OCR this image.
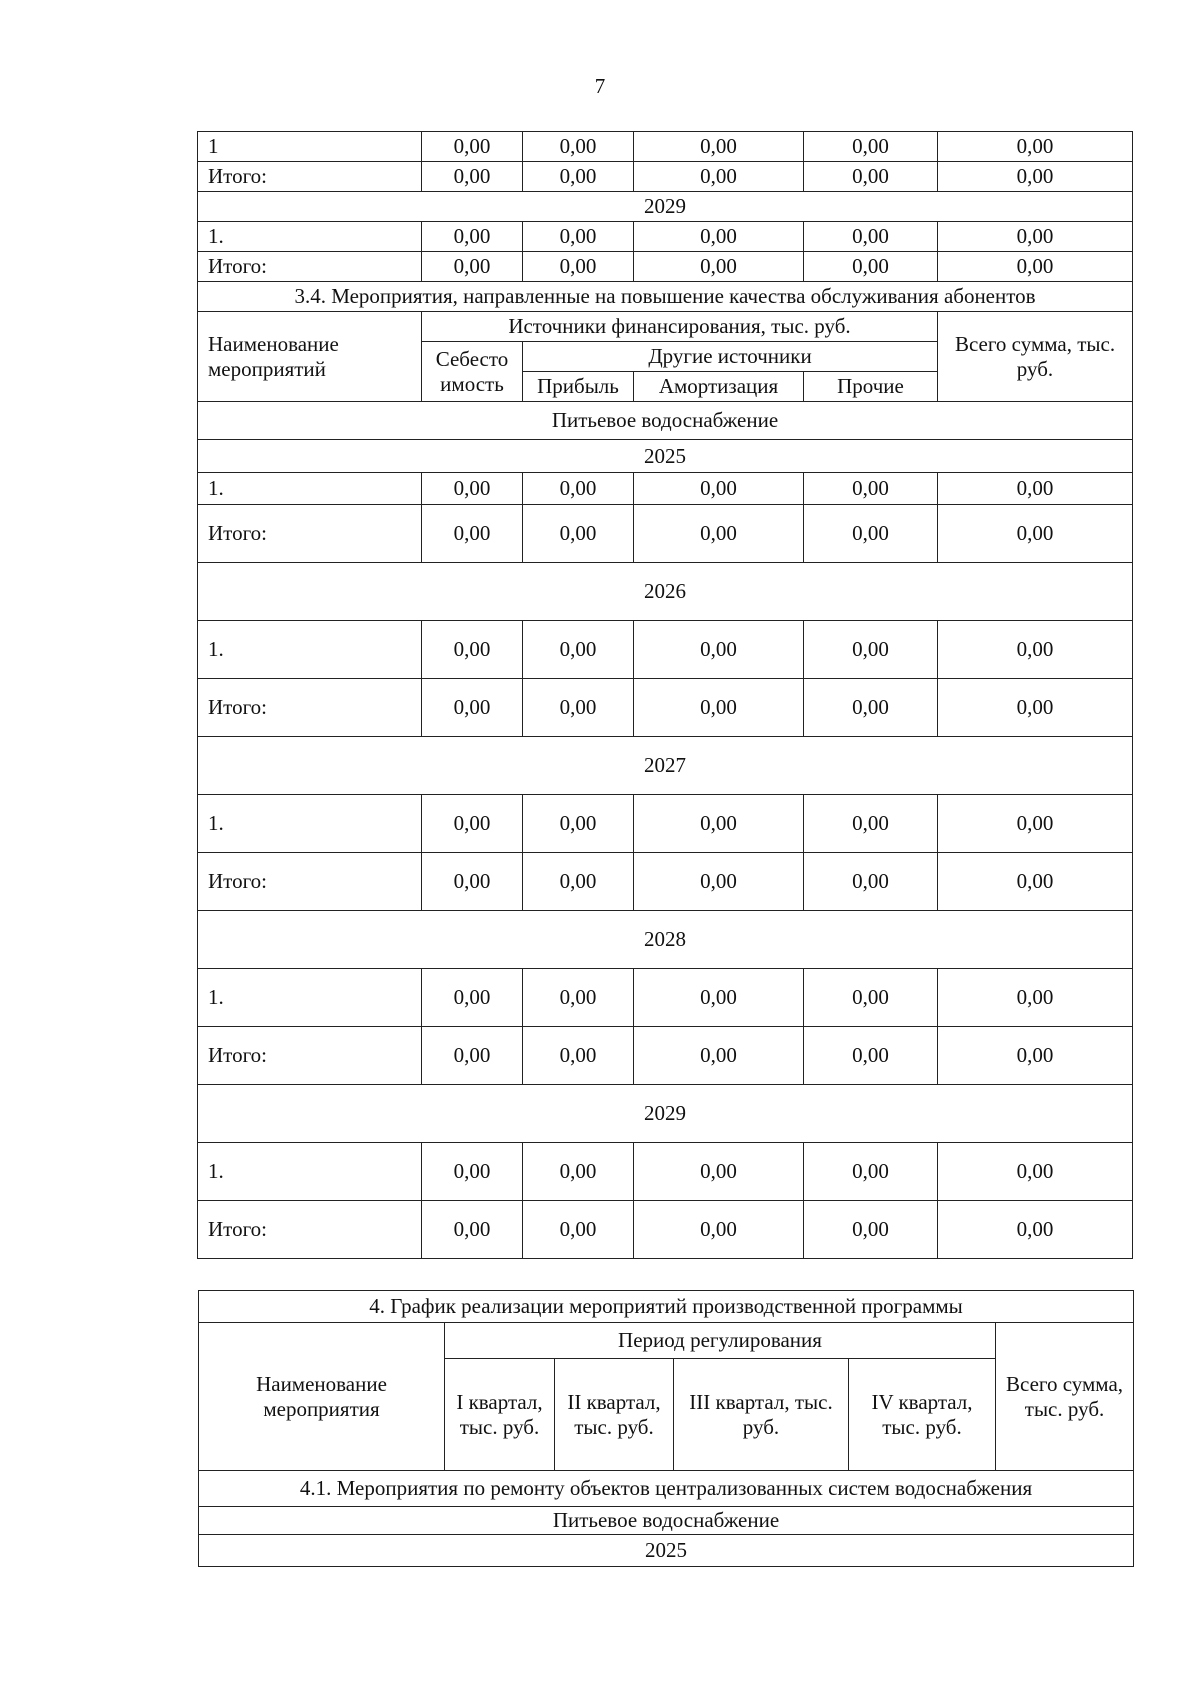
7
1	0,00	0,00	0,00	0,00	0,00
Итого:	0,00	0,00	0,00	0,00	0,00
2029					
1.	0,00	0,00	0,00	0,00	0,00
Итого:	0,00	0,00	0,00	0,00	0,00
3.4. Мероприятия, направленные на повышение качества обслуживания абонентов					
Наименование мероприятий	Источники финансирования, тыс. руб.				Всего сумма, тыс. руб.
	Себесто имость	Другие источники			
		Прибыль	Амортизация	Прочие	
Питьевое водоснабжение					
2025					
1.	0,00	0,00	0,00	0,00	0,00
Итого:	0,00	0,00	0,00	0,00	0,00
2026					
1.	0,00	0,00	0,00	0,00	0,00
Итого:	0,00	0,00	0,00	0,00	0,00
2027					
1.	0,00	0,00	0,00	0,00	0,00
Итого:	0,00	0,00	0,00	0,00	0,00
2028					
1.	0,00	0,00	0,00	0,00	0,00
Итого:	0,00	0,00	0,00	0,00	0,00
2029					
1.	0,00	0,00	0,00	0,00	0,00
Итого:	0,00	0,00	0,00	0,00	0,00
4. График реализации мероприятий производственной программы					
Наименование мероприятия	Период регулирования				Всего сумма, тыс. руб.
	I квартал, тыс. руб.	II квартал, тыс. руб.	III квартал, тыс. руб.	IV квартал, тыс. руб.	
4.1. Мероприятия по ремонту объектов централизованных систем водоснабжения					
Питьевое водоснабжение					
2025					
